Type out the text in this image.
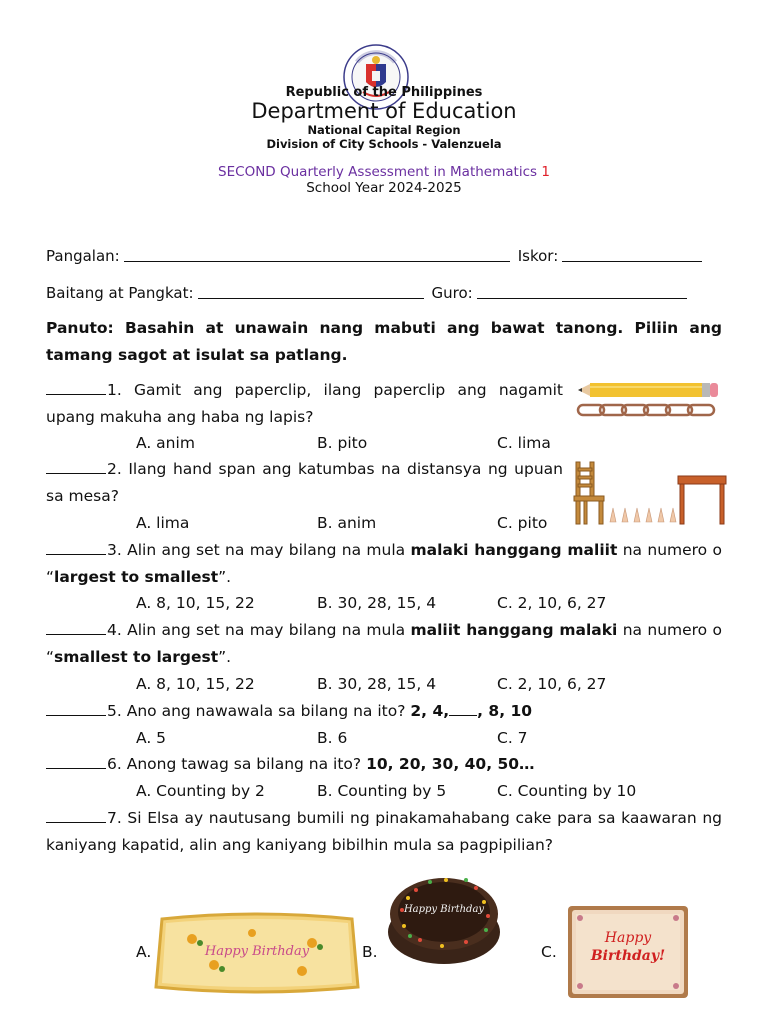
Republic of the Philippines
Department of Education
National Capital Region
Division of City Schools - Valenzuela
SECOND Quarterly Assessment in Mathematics 1
School Year 2024-2025
Pangalan:	Iskor:
Baitang at Pangkat:	Guro:
Panuto: Basahin at unawain nang mabuti ang bawat tanong. Piliin ang tamang sagot at isulat sa patlang.
1. Gamit ang paperclip, ilang paperclip ang nagamit upang makuha ang haba ng lapis?
A. anim	B. pito	C. lima
2. Ilang hand span ang katumbas na distansya ng upuan sa mesa?
A. lima	B. anim	C. pito
3. Alin ang set na may bilang na mula malaki hanggang maliit na numero o “largest to smallest”.
A. 8, 10, 15, 22	B. 30, 28, 15, 4	C. 2, 10, 6, 27
4. Alin ang set na may bilang na mula maliit hanggang malaki na numero o “smallest to largest”.
A. 8, 10, 15, 22	B. 30, 28, 15, 4	C. 2, 10, 6, 27
5. Ano ang nawawala sa bilang na ito? 2, 4, , 8, 10
A. 5	B. 6	C. 7
6. Anong tawag sa bilang na ito? 10, 20, 30, 40, 50…
A. Counting by 2	B. Counting by 5	C. Counting by 10
7. Si Elsa ay nautusang bumili ng pinakamahabang cake para sa kaawaran ng kaniyang kapatid, alin ang kaniyang bibilhin mula sa pagpipilian?
A.	Happy Birthday	B.
Happy Birthday
C.
Happy
Birthday!
